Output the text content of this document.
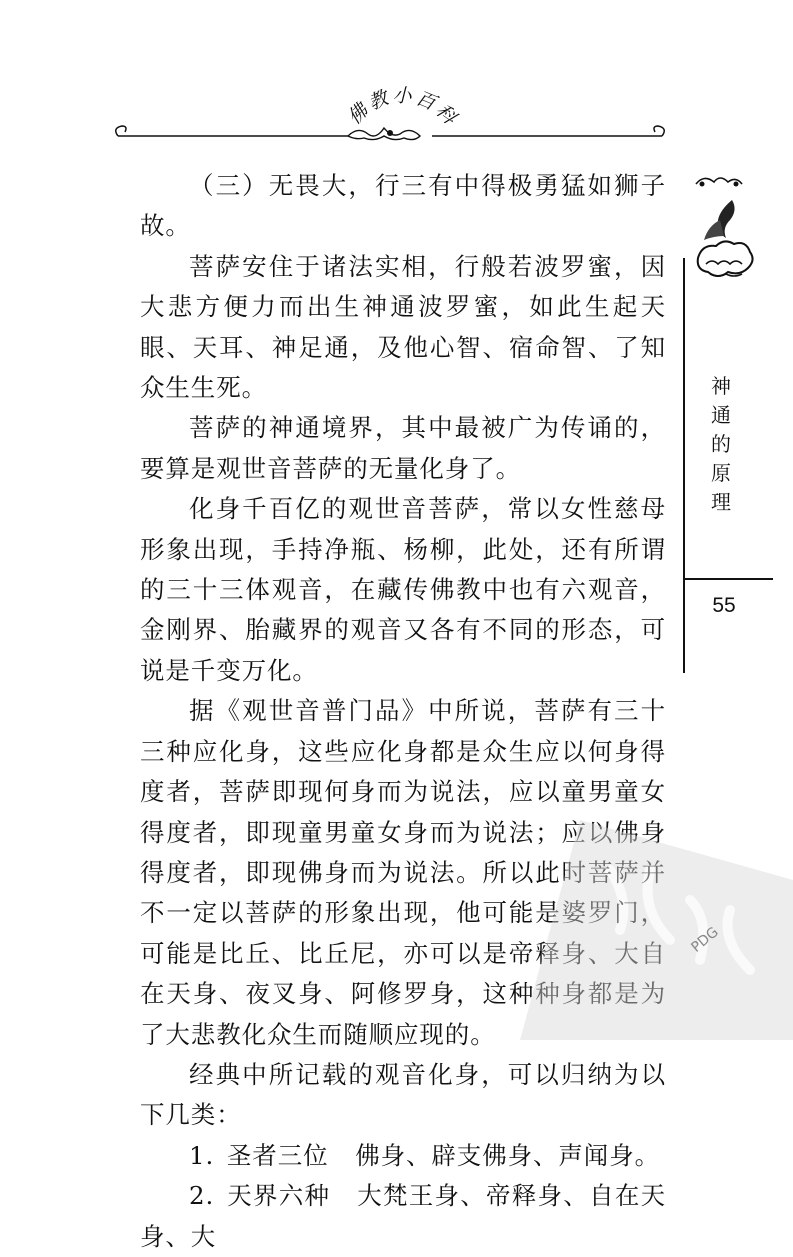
佛
教 小 百
科

（三）无畏大，行三有中得极勇猛如狮子故。

菩萨安住于诸法实相，行般若波罗蜜，因大悲方便力而出生神通波罗蜜，如此生起天眼、天耳、神足通，及他心智、宿命智、了知众生生死。

菩萨的神通境界，其中最被广为传诵的，要算是观世音菩萨的无量化身了。

化身千百亿的观世音菩萨，常以女性慈母形象出现，手持净瓶、杨柳，此处，还有所谓的三十三体观音，在藏传佛教中也有六观音，金刚界、胎藏界的观音又各有不同的形态，可说是千变万化。

据《观世音普门品》中所说，菩萨有三十三种应化身，这些应化身都是众生应以何身得度者，菩萨即现何身而为说法，应以童男童女得度者，即现童男童女身而为说法；应以佛身得度者，即现佛身而为说法。所以此时菩萨并不一定以菩萨的形象出现，他可能是婆罗门，可能是比丘、比丘尼，亦可以是帝释身、大自在天身、夜叉身、阿修罗身，这种种身都是为了大悲教化众生而随顺应现的。

经典中所记载的观音化身，可以归纳为以下几类：

1. 圣者三位 佛身、辟支佛身、声闻身。

2. 天界六种 大梵王身、帝释身、自在天身、大

神
通
的
原
理
55
PDG
